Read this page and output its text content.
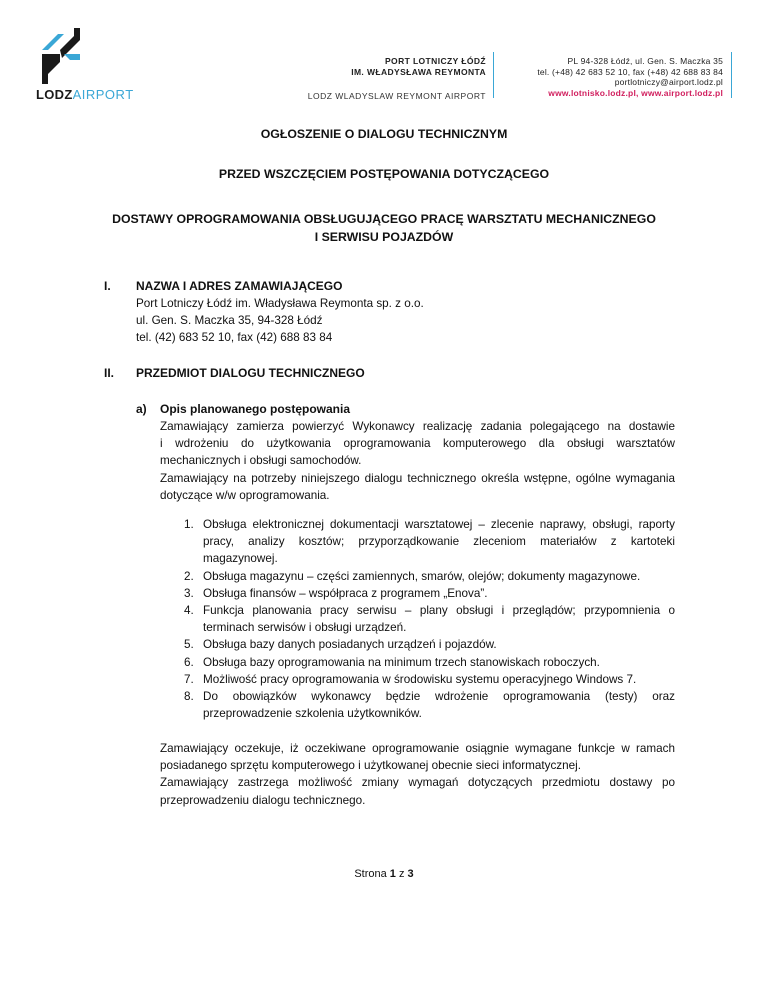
LODZAIRPORT
PORT LOTNICZY ŁÓDŹ
IM. WŁADYSŁAWA REYMONTA
LODZ WLADYSLAW REYMONT AIRPORT
PL 94-328 Łódź, ul. Gen. S. Maczka 35
tel. (+48) 42 683 52 10, fax (+48) 42 688 83 84
portlotniczy@airport.lodz.pl
www.lotnisko.lodz.pl, www.airport.lodz.pl
OGŁOSZENIE O DIALOGU TECHNICZNYM
PRZED WSZCZĘCIEM POSTĘPOWANIA DOTYCZĄCEGO
DOSTAWY OPROGRAMOWANIA OBSŁUGUJĄCEGO PRACĘ WARSZTATU MECHANICZNEGO
I SERWISU POJAZDÓW
I. NAZWA I ADRES ZAMAWIAJĄCEGO
Port Lotniczy Łódź im. Władysława Reymonta sp. z o.o.
ul. Gen. S. Maczka 35, 94-328 Łódź
tel. (42) 683 52 10, fax (42) 688 83 84
II. PRZEDMIOT DIALOGU TECHNICZNEGO
a) Opis planowanego postępowania
Zamawiający zamierza powierzyć Wykonawcy realizację zadania polegającego na dostawie
i wdrożeniu do użytkowania oprogramowania komputerowego dla obsługi warsztatów
mechanicznych i obsługi samochodów.
Zamawiający na potrzeby niniejszego dialogu technicznego określa wstępne, ogólne wymagania
dotyczące w/w oprogramowania.
1. Obsługa elektronicznej dokumentacji warsztatowej – zlecenie naprawy, obsługi, raporty pracy, analizy kosztów; przyporządkowanie zleceniom materiałów z kartoteki magazynowej.
2. Obsługa magazynu – części zamiennych, smarów, olejów; dokumenty magazynowe.
3. Obsługa finansów – współpraca z programem „Enova”.
4. Funkcja planowania pracy serwisu – plany obsługi i przeglądów; przypomnienia o terminach serwisów i obsługi urządzeń.
5. Obsługa bazy danych posiadanych urządzeń i pojazdów.
6. Obsługa bazy oprogramowania na minimum trzech stanowiskach roboczych.
7. Możliwość pracy oprogramowania w środowisku systemu operacyjnego Windows 7.
8. Do obowiązków wykonawcy będzie wdrożenie oprogramowania (testy) oraz przeprowadzenie szkolenia użytkowników.
Zamawiający oczekuje, iż oczekiwane oprogramowanie osiągnie wymagane funkcje w ramach
posiadanego sprzętu komputerowego i użytkowanej obecnie sieci informatycznej.
Zamawiający zastrzega możliwość zmiany wymagań dotyczących przedmiotu dostawy po
przeprowadzeniu dialogu technicznego.
Strona 1 z 3
